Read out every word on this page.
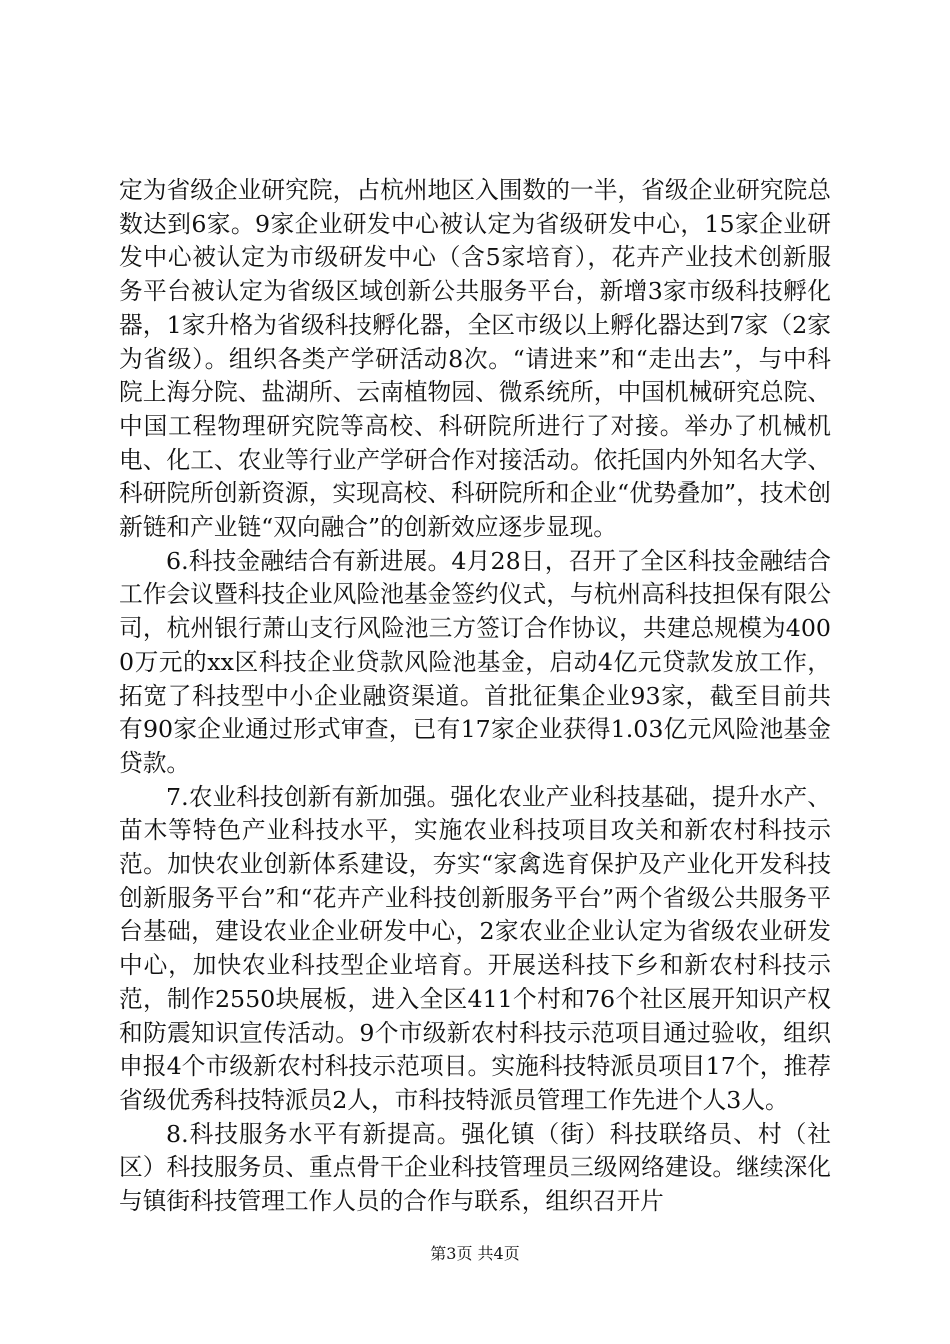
定为省级企业研究院，占杭州地区入围数的一半，省级企业研究院总数达到6家。9家企业研发中心被认定为省级研发中心，15家企业研发中心被认定为市级研发中心（含5家培育），花卉产业技术创新服务平台被认定为省级区域创新公共服务平台，新增3家市级科技孵化器，1家升格为省级科技孵化器，全区市级以上孵化器达到7家（2家为省级）。组织各类产学研活动8次。“请进来”和“走出去”，与中科院上海分院、盐湖所、云南植物园、微系统所，中国机械研究总院、中国工程物理研究院等高校、科研院所进行了对接。举办了机械机电、化工、农业等行业产学研合作对接活动。依托国内外知名大学、科研院所创新资源，实现高校、科研院所和企业“优势叠加”，技术创新链和产业链“双向融合”的创新效应逐步显现。

6.科技金融结合有新进展。4月28日，召开了全区科技金融结合工作会议暨科技企业风险池基金签约仪式，与杭州高科技担保有限公司，杭州银行萧山支行风险池三方签订合作协议，共建总规模为4000万元的xx区科技企业贷款风险池基金，启动4亿元贷款发放工作，拓宽了科技型中小企业融资渠道。首批征集企业93家，截至目前共有90家企业通过形式审查，已有17家企业获得1.03亿元风险池基金贷款。

7.农业科技创新有新加强。强化农业产业科技基础，提升水产、苗木等特色产业科技水平，实施农业科技项目攻关和新农村科技示范。加快农业创新体系建设，夯实“家禽选育保护及产业化开发科技创新服务平台”和“花卉产业科技创新服务平台”两个省级公共服务平台基础，建设农业企业研发中心，2家农业企业认定为省级农业研发中心，加快农业科技型企业培育。开展送科技下乡和新农村科技示范，制作2550块展板，进入全区411个村和76个社区展开知识产权和防震知识宣传活动。9个市级新农村科技示范项目通过验收，组织申报4个市级新农村科技示范项目。实施科技特派员项目17个，推荐省级优秀科技特派员2人，市科技特派员管理工作先进个人3人。

8.科技服务水平有新提高。强化镇（街）科技联络员、村（社区）科技服务员、重点骨干企业科技管理员三级网络建设。继续深化与镇街科技管理工作人员的合作与联系，组织召开片

第3页 共4页
